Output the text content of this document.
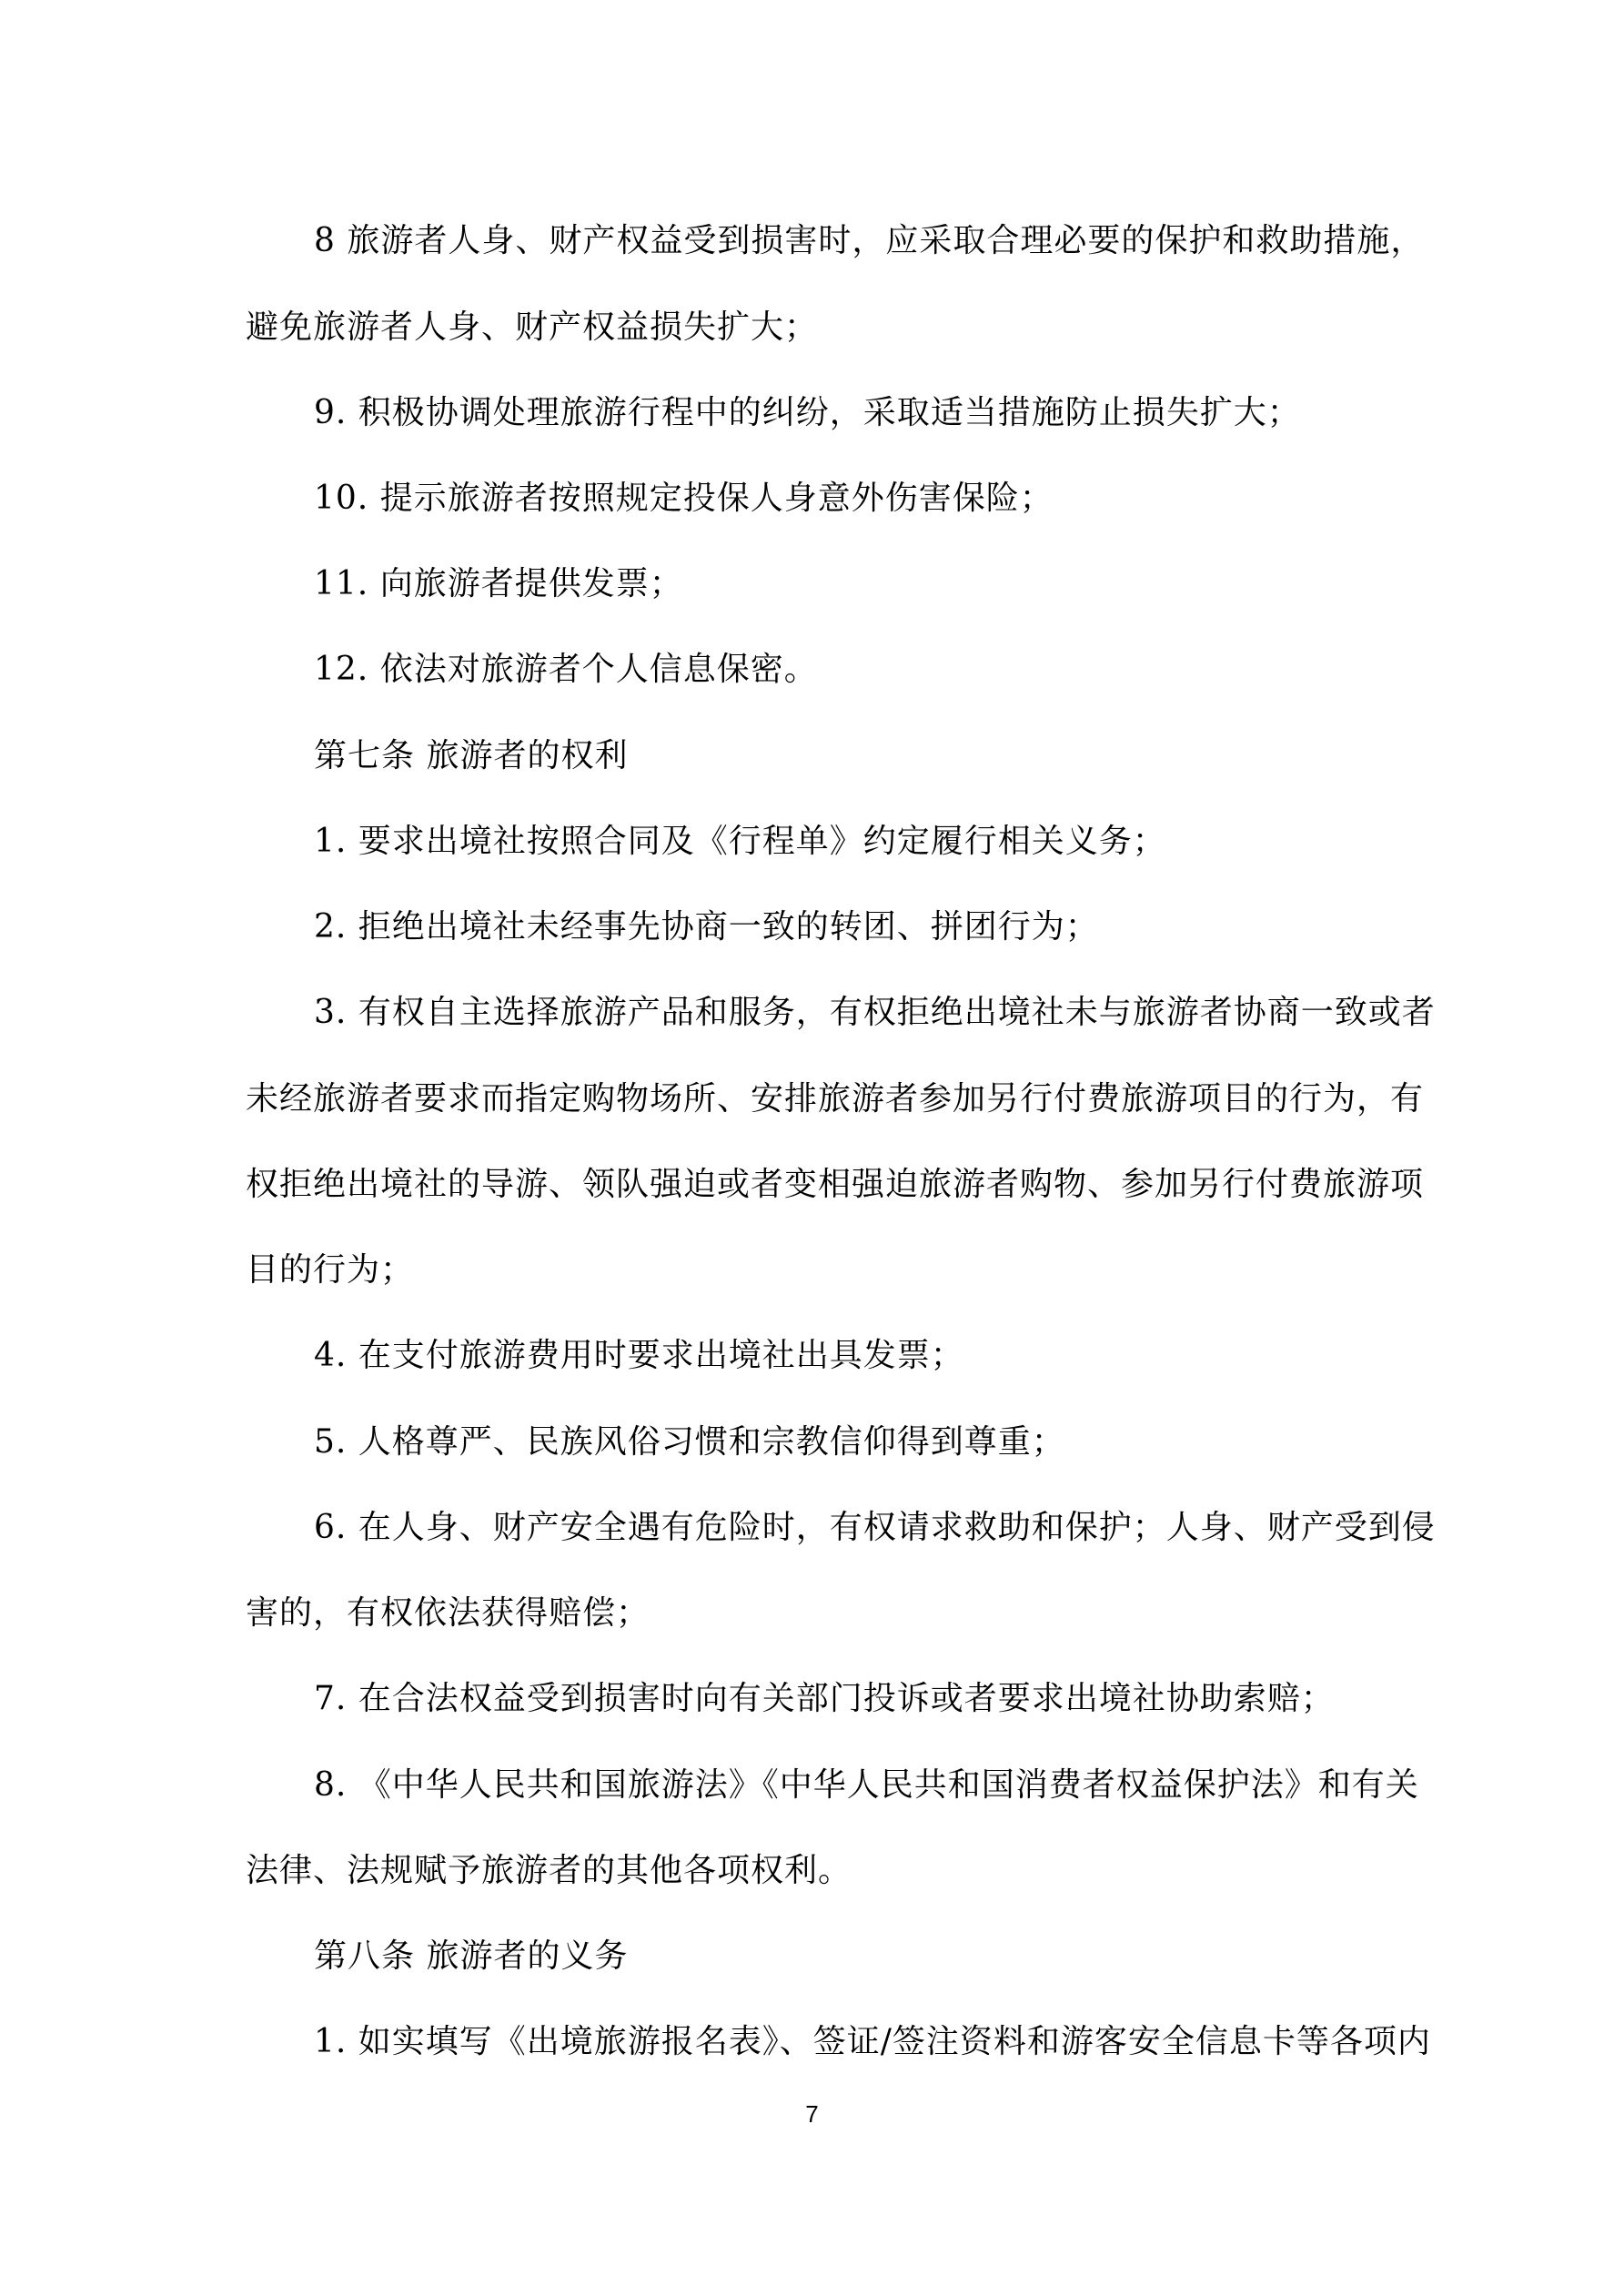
8 旅游者人身、财产权益受到损害时，应采取合理必要的保护和救助措施，
避免旅游者人身、财产权益损失扩大；
9. 积极协调处理旅游行程中的纠纷，采取适当措施防止损失扩大；
10. 提示旅游者按照规定投保人身意外伤害保险；
11. 向旅游者提供发票；
12. 依法对旅游者个人信息保密。
第七条 旅游者的权利
1. 要求出境社按照合同及《行程单》约定履行相关义务；
2. 拒绝出境社未经事先协商一致的转团、拼团行为；
3. 有权自主选择旅游产品和服务，有权拒绝出境社未与旅游者协商一致或者
未经旅游者要求而指定购物场所、安排旅游者参加另行付费旅游项目的行为，有
权拒绝出境社的导游、领队强迫或者变相强迫旅游者购物、参加另行付费旅游项
目的行为；
4. 在支付旅游费用时要求出境社出具发票；
5. 人格尊严、民族风俗习惯和宗教信仰得到尊重；
6. 在人身、财产安全遇有危险时，有权请求救助和保护；人身、财产受到侵
害的，有权依法获得赔偿；
7. 在合法权益受到损害时向有关部门投诉或者要求出境社协助索赔；
8. 《中华人民共和国旅游法》《中华人民共和国消费者权益保护法》和有关
法律、法规赋予旅游者的其他各项权利。
第八条 旅游者的义务
1. 如实填写《出境旅游报名表》、签证/签注资料和游客安全信息卡等各项内
7
